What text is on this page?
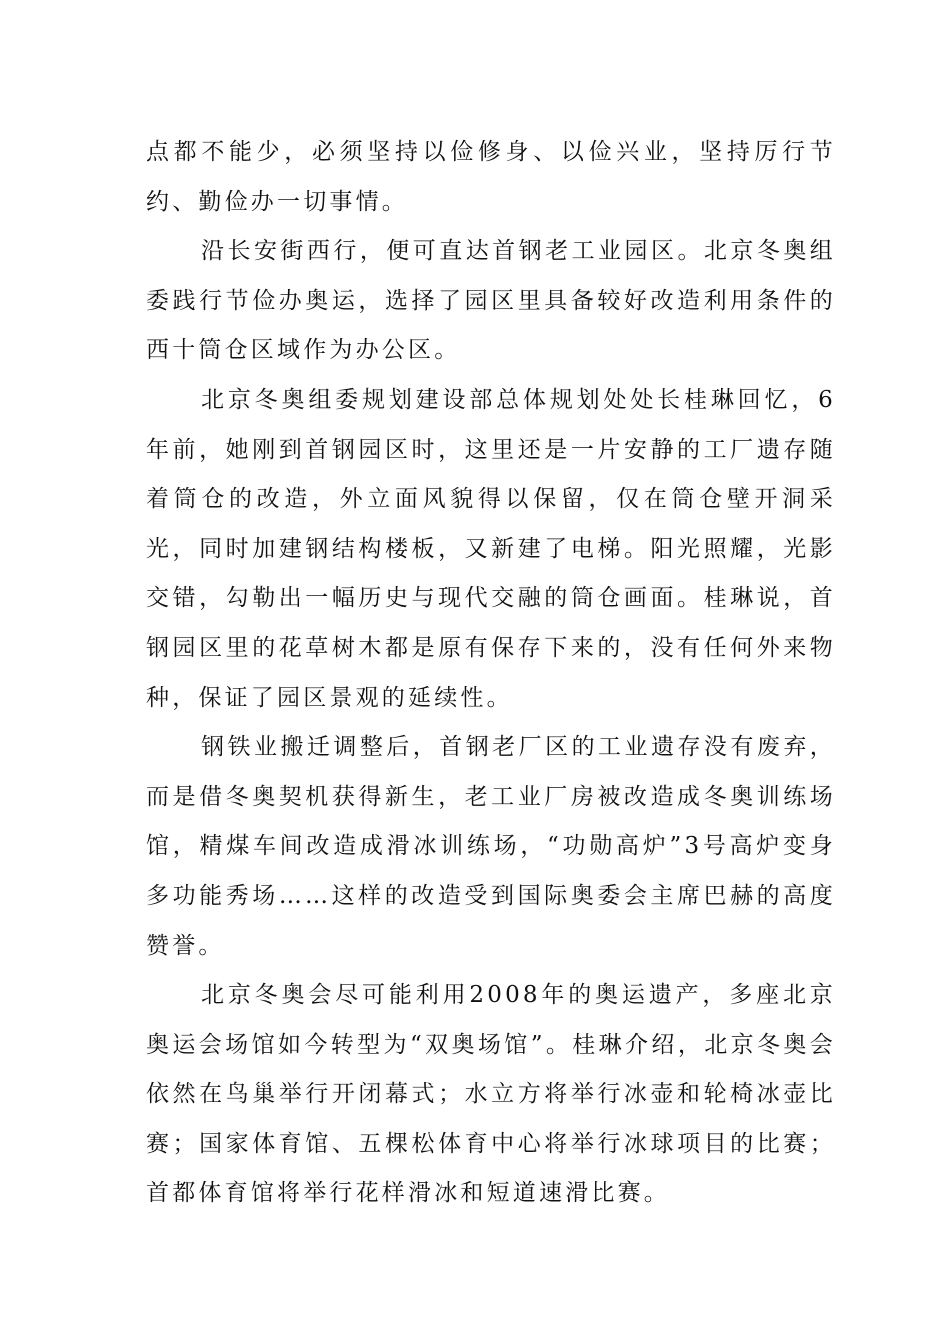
点都不能少，必须坚持以俭修身、以俭兴业，坚持厉行节约、勤俭办一切事情。

沿长安街西行，便可直达首钢老工业园区。北京冬奥组委践行节俭办奥运，选择了园区里具备较好改造利用条件的西十筒仓区域作为办公区。

北京冬奥组委规划建设部总体规划处处长桂琳回忆，6年前，她刚到首钢园区时，这里还是一片安静的工厂遗存随着筒仓的改造，外立面风貌得以保留，仅在筒仓壁开洞采光，同时加建钢结构楼板，又新建了电梯。阳光照耀，光影交错，勾勒出一幅历史与现代交融的筒仓画面。桂琳说，首钢园区里的花草树木都是原有保存下来的，没有任何外来物种，保证了园区景观的延续性。

钢铁业搬迁调整后，首钢老厂区的工业遗存没有废弃，而是借冬奥契机获得新生，老工业厂房被改造成冬奥训练场馆，精煤车间改造成滑冰训练场，“功勋高炉”3号高炉变身多功能秀场……这样的改造受到国际奥委会主席巴赫的高度赞誉。

北京冬奥会尽可能利用2008年的奥运遗产，多座北京奥运会场馆如今转型为“双奥场馆”。桂琳介绍，北京冬奥会依然在鸟巢举行开闭幕式；水立方将举行冰壶和轮椅冰壶比赛；国家体育馆、五棵松体育中心将举行冰球项目的比赛；首都体育馆将举行花样滑冰和短道速滑比赛。
